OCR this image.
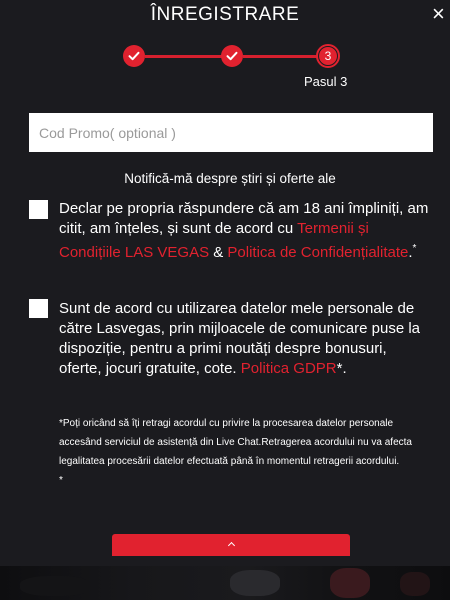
ÎNREGISTRARE	×
3
Pasul 3
Cod Promo( optional )
Notifică-mă despre știri și oferte ale
Declar pe propria răspundere că am 18 ani împliniți, am citit, am înțeles, și sunt de acord cu Termenii și Condițiile LAS VEGAS & Politica de Confidențialitate.*
Sunt de acord cu utilizarea datelor mele personale de către Lasvegas, prin mijloacele de comunicare puse la dispoziție, pentru a primi noutăți despre bonusuri, oferte, jocuri gratuite, cote. Politica GDPR*.
*Poți oricând să îți retragi acordul cu privire la procesarea datelor personale accesând serviciul de asistență din Live Chat.Retragerea acordului nu va afecta legalitatea procesării datelor efectuată până în momentul retragerii acordului.
*
